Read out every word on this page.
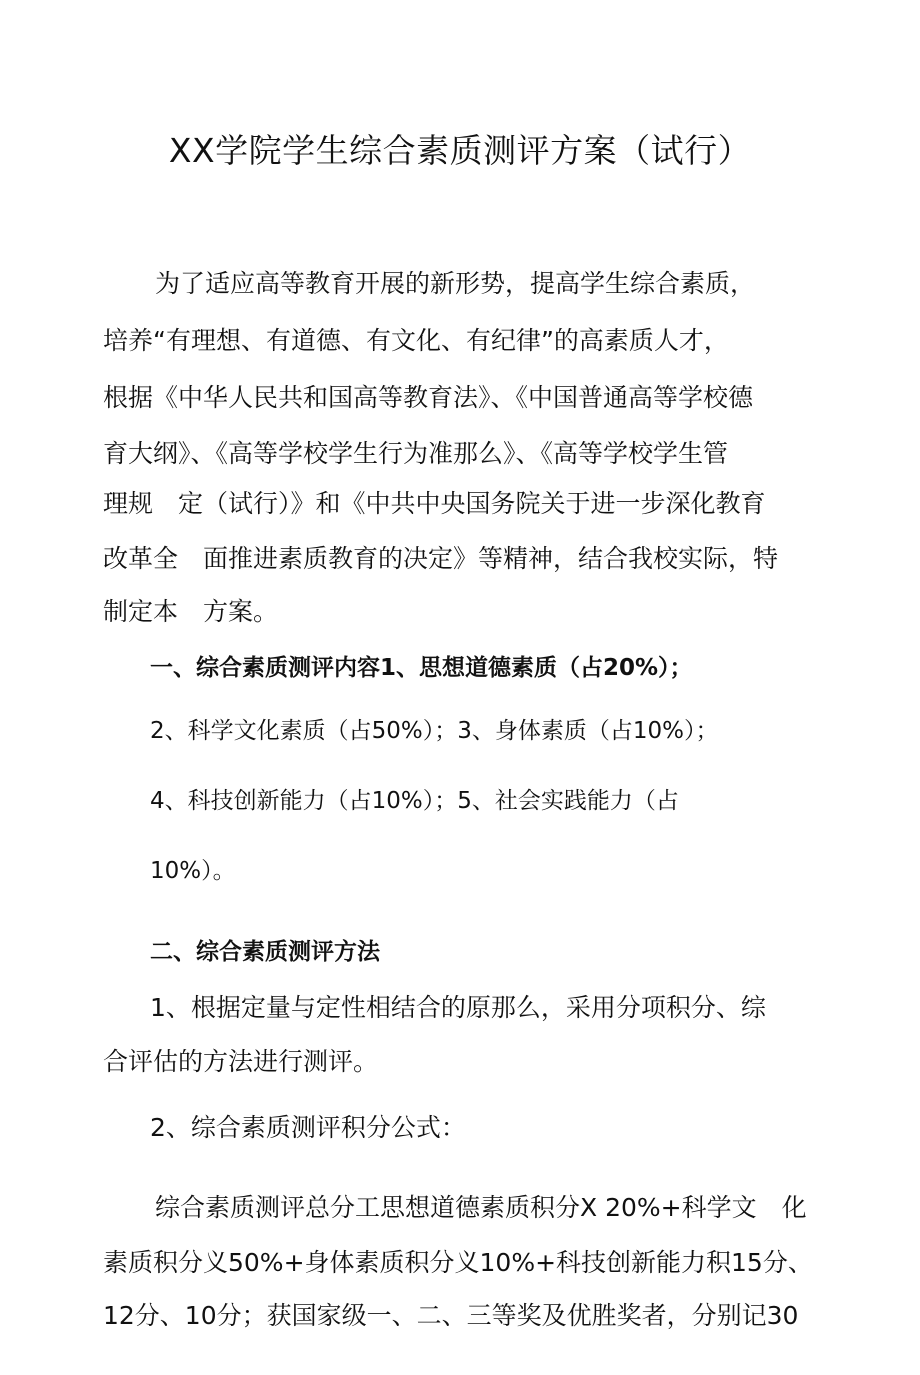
XX学院学生综合素质测评方案（试行）
为了适应高等教育开展的新形势，提高学生综合素质，
培养“有理想、有道德、有文化、有纪律”的高素质人才，
根据《中华人民共和国高等教育法》、《中国普通高等学校德
育大纲》、《高等学校学生行为准那么》、《高等学校学生管
理规　定（试行）》和《中共中央国务院关于进一步深化教育
改革全　面推进素质教育的决定》等精神，结合我校实际，特
制定本　方案。
一、综合素质测评内容1、思想道德素质（占20%）；
2、科学文化素质（占50%）；3、身体素质（占10%）；
4、科技创新能力（占10%）；5、社会实践能力（占
10%）。
二、综合素质测评方法
1、根据定量与定性相结合的原那么，采用分项积分、综
合评估的方法进行测评。
2、综合素质测评积分公式：
综合素质测评总分工思想道德素质积分X 20%+科学文　化
素质积分义50%+身体素质积分义10%+科技创新能力积15分、
12分、10分；获国家级一、二、三等奖及优胜奖者，分别记30
